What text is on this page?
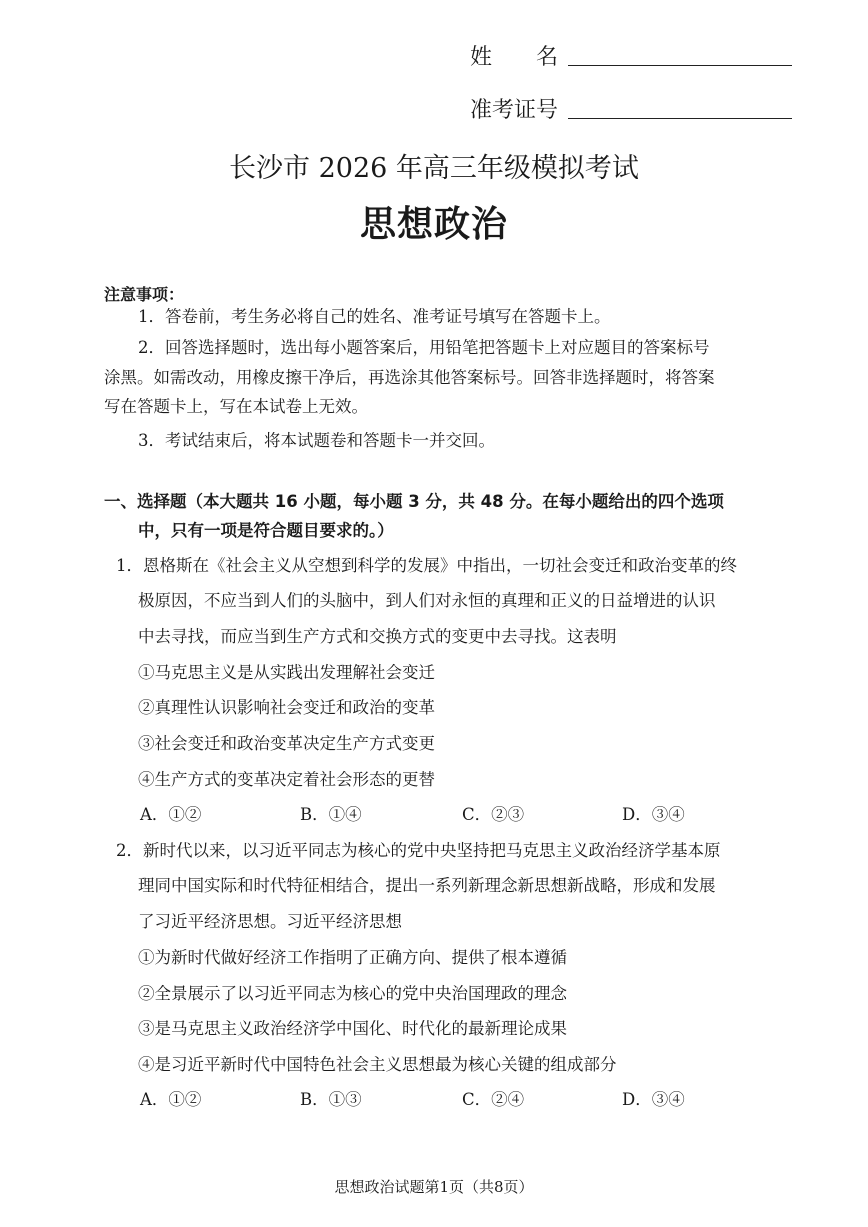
姓　　名
准考证号
长沙市 2026 年高三年级模拟考试
思想政治
注意事项：
1．答卷前，考生务必将自己的姓名、准考证号填写在答题卡上。
2．回答选择题时，选出每小题答案后，用铅笔把答题卡上对应题目的答案标号
涂黑。如需改动，用橡皮擦干净后，再选涂其他答案标号。回答非选择题时，将答案
写在答题卡上，写在本试卷上无效。
3．考试结束后，将本试题卷和答题卡一并交回。
一、选择题（本大题共 16 小题，每小题 3 分，共 48 分。在每小题给出的四个选项
中，只有一项是符合题目要求的。）
1．恩格斯在《社会主义从空想到科学的发展》中指出，一切社会变迁和政治变革的终
极原因，不应当到人们的头脑中，到人们对永恒的真理和正义的日益增进的认识
中去寻找，而应当到生产方式和交换方式的变更中去寻找。这表明
①马克思主义是从实践出发理解社会变迁
②真理性认识影响社会变迁和政治的变革
③社会变迁和政治变革决定生产方式变更
④生产方式的变革决定着社会形态的更替
A．①②	B．①④	C．②③	D．③④
2．新时代以来，以习近平同志为核心的党中央坚持把马克思主义政治经济学基本原
理同中国实际和时代特征相结合，提出一系列新理念新思想新战略，形成和发展
了习近平经济思想。习近平经济思想
①为新时代做好经济工作指明了正确方向、提供了根本遵循
②全景展示了以习近平同志为核心的党中央治国理政的理念
③是马克思主义政治经济学中国化、时代化的最新理论成果
④是习近平新时代中国特色社会主义思想最为核心关键的组成部分
A．①②	B．①③	C．②④	D．③④
思想政治试题第1页（共8页）
